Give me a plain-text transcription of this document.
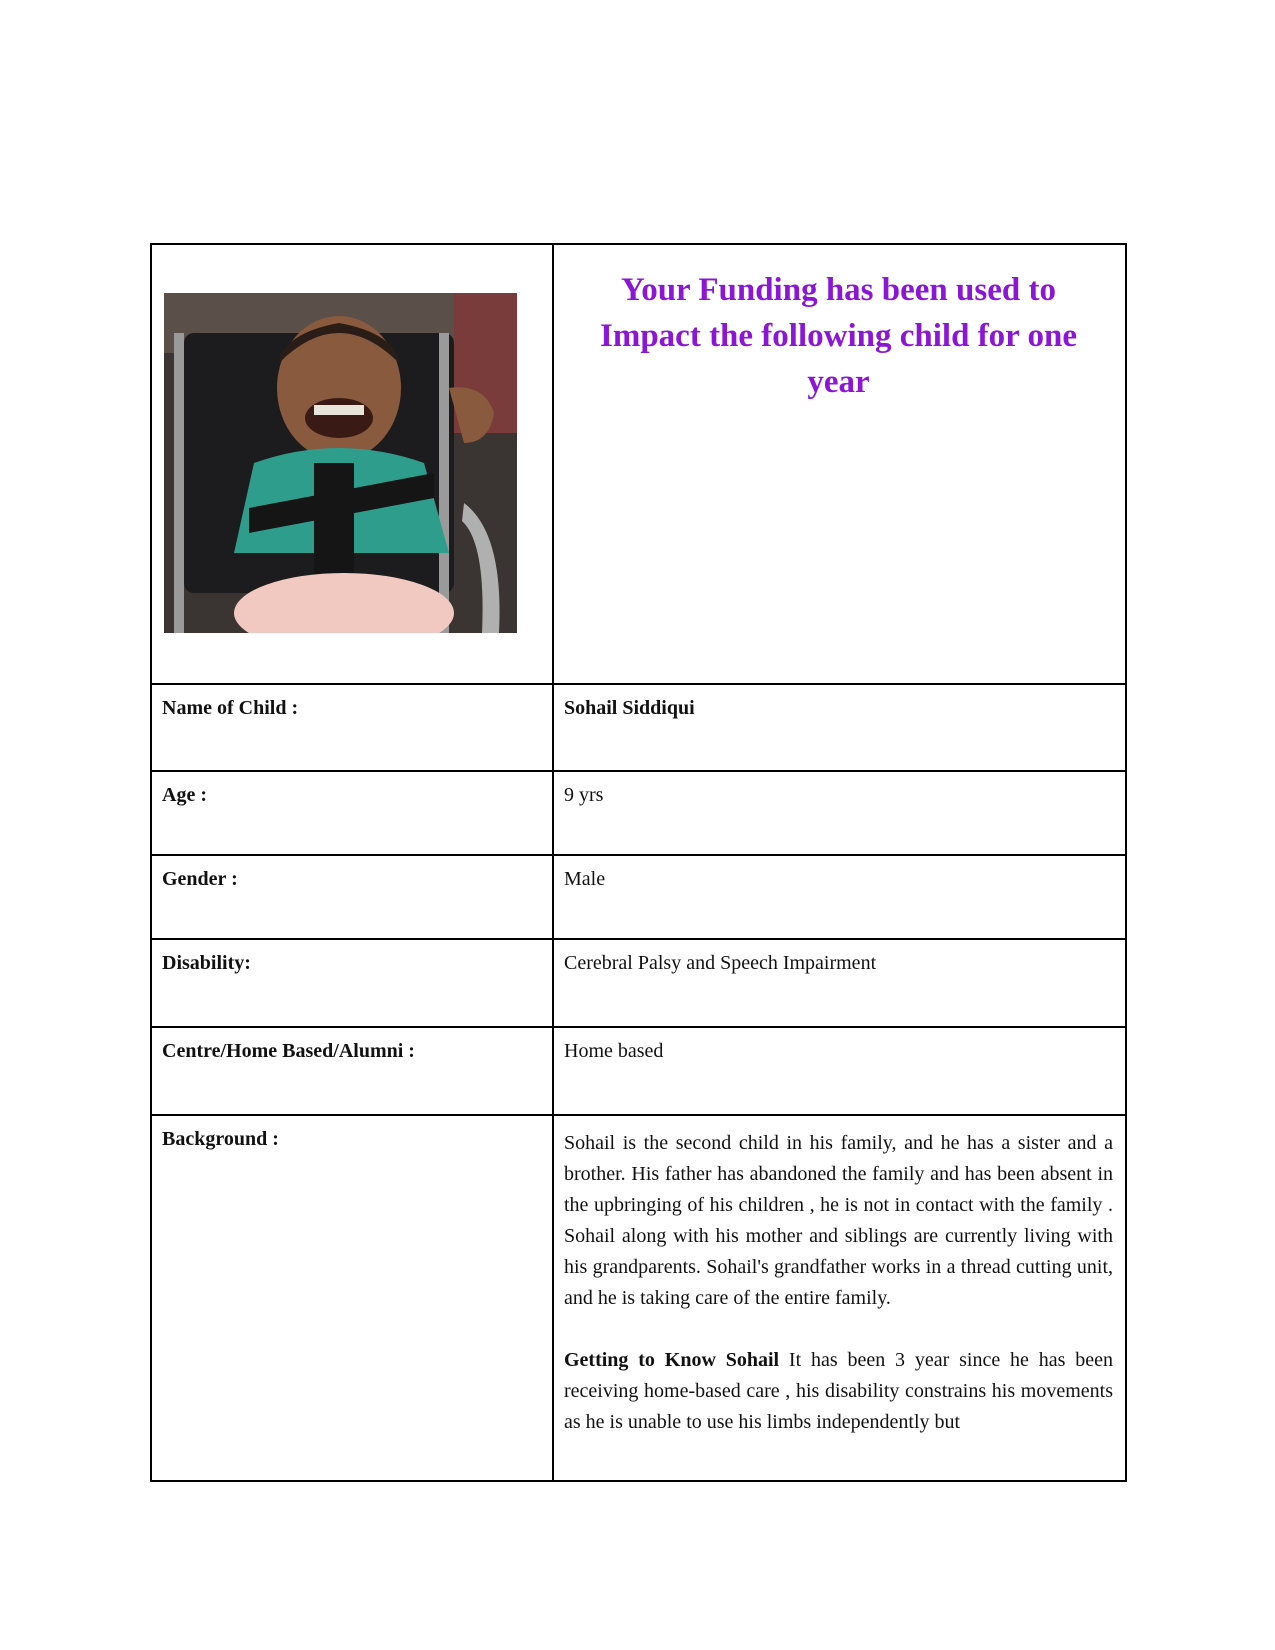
Your Funding has been used to Impact the following child for one year

Name of Child :	Sohail Siddiqui
Age :	9 yrs
Gender :	Male
Disability:	Cerebral Palsy and Speech Impairment
Centre/Home Based/Alumni :	Home based
Background :	Sohail is the second child in his family, and he has a sister and a brother. His father has abandoned the family and has been absent in the upbringing of his children , he is not in contact with the family . Sohail along with his mother and siblings are currently living with his grandparents. Sohail's grandfather works in a thread cutting unit, and he is taking care of the entire family.

Getting to Know Sohail It has been 3 year since he has been receiving home-based care , his disability constrains his movements as he is unable to use his limbs independently but
